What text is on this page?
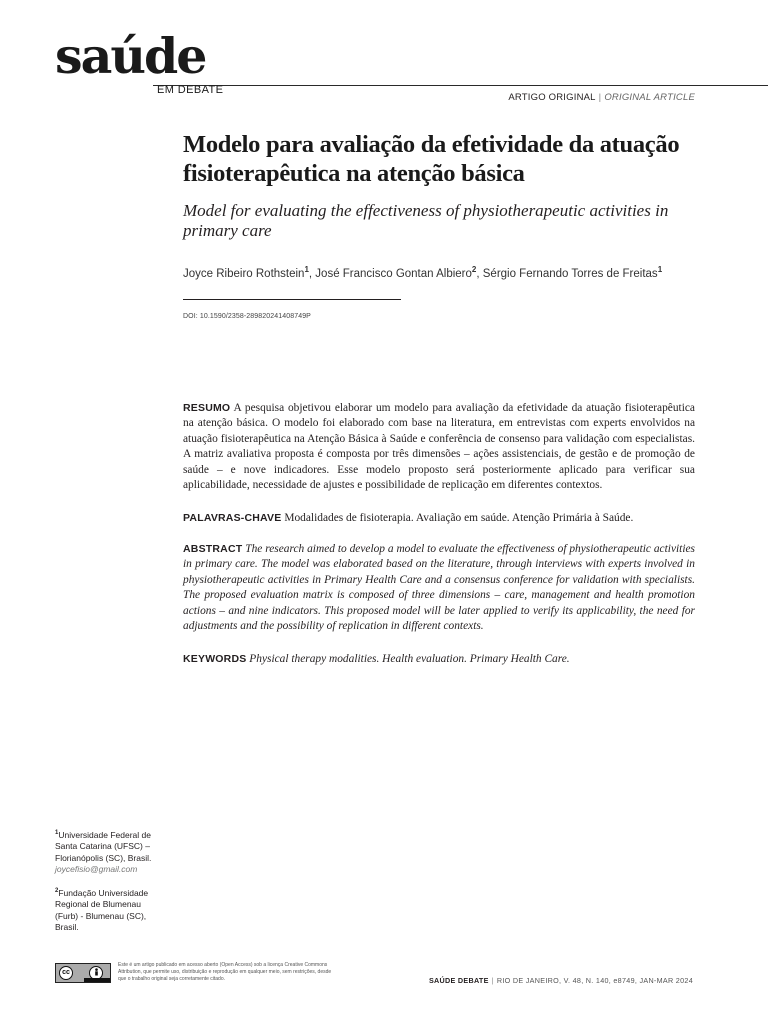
saúde
EM DEBATE
ARTIGO ORIGINAL | ORIGINAL ARTICLE
Modelo para avaliação da efetividade da atuação fisioterapêutica na atenção básica
Model for evaluating the effectiveness of physiotherapeutic activities in primary care
Joyce Ribeiro Rothstein$^1$, José Francisco Gontan Albiero$^2$, Sérgio Fernando Torres de Freitas$^1$
DOI: 10.1590/2358-289820241408749P
RESUMO A pesquisa objetivou elaborar um modelo para avaliação da efetividade da atuação fisioterapêutica na atenção básica. O modelo foi elaborado com base na literatura, em entrevistas com experts envolvidos na atuação fisioterapêutica na Atenção Básica à Saúde e conferência de consenso para validação com especialistas. A matriz avaliativa proposta é composta por três dimensões – ações assistenciais, de gestão e de promoção de saúde – e nove indicadores. Esse modelo proposto será posteriormente aplicado para verificar sua aplicabilidade, necessidade de ajustes e possibilidade de replicação em diferentes contextos.
PALAVRAS-CHAVE Modalidades de fisioterapia. Avaliação em saúde. Atenção Primária à Saúde.
ABSTRACT The research aimed to develop a model to evaluate the effectiveness of physiotherapeutic activities in primary care. The model was elaborated based on the literature, through interviews with experts involved in physiotherapeutic activities in Primary Health Care and a consensus conference for validation with specialists. The proposed evaluation matrix is composed of three dimensions – care, management and health promotion actions – and nine indicators. This proposed model will be later applied to verify its applicability, the need for adjustments and the possibility of replication in different contexts.
KEYWORDS Physical therapy modalities. Health evaluation. Primary Health Care.
$^1$Universidade Federal de Santa Catarina (UFSC) – Florianópolis (SC), Brasil.
joycefisio@gmail.com
$^2$Fundação Universidade Regional de Blumenau (Furb) - Blumenau (SC), Brasil.
cc
Este é um artigo publicado em acesso aberto (Open Access) sob a licença Creative Commons Attribution, que permite uso, distribuição e reprodução em qualquer meio, sem restrições, desde que o trabalho original seja corretamente citado.	SAÚDE DEBATE | RIO DE JANEIRO, V. 48, N. 140, e8749, JAN-MAR 2024
